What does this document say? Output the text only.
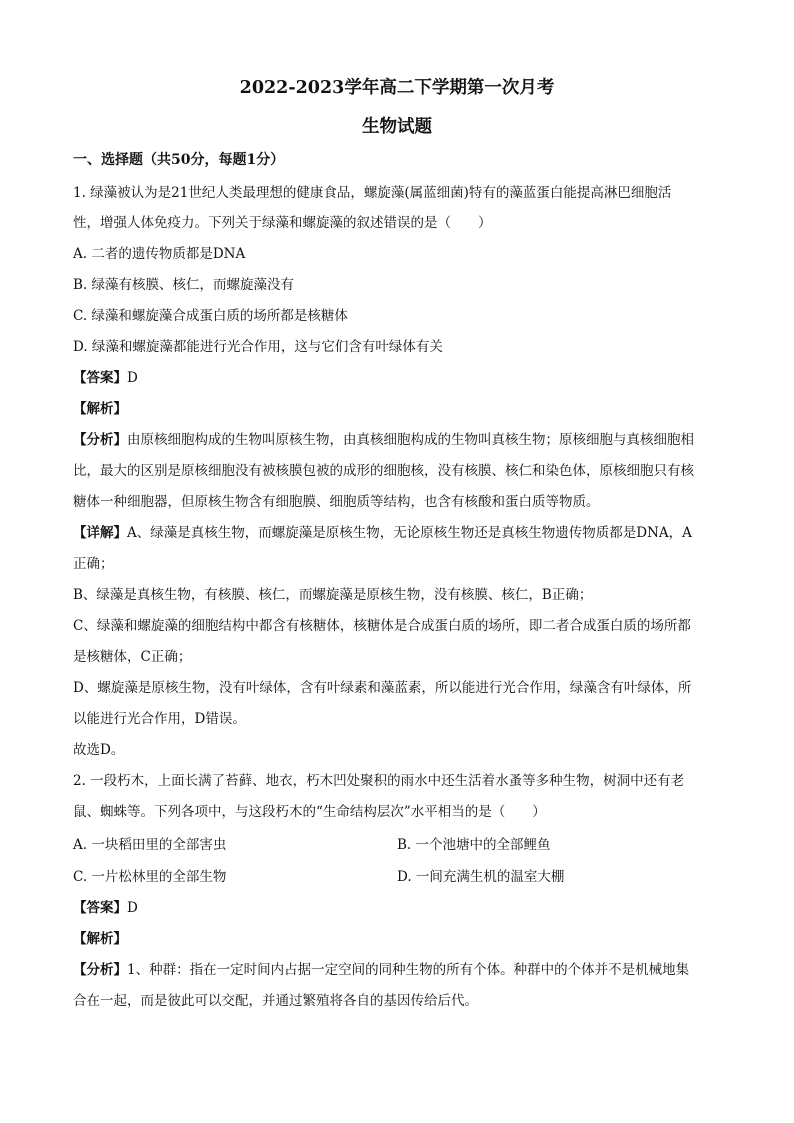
2022-2023学年高二下学期第一次月考
生物试题
一、选择题（共50分，每题1分）
1. 绿藻被认为是21世纪人类最理想的健康食品，螺旋藻(属蓝细菌)特有的藻蓝蛋白能提高淋巴细胞活
性，增强人体免疫力。下列关于绿藻和螺旋藻的叙述错误的是（　　）
A. 二者的遗传物质都是DNA
B. 绿藻有核膜、核仁，而螺旋藻没有
C. 绿藻和螺旋藻合成蛋白质的场所都是核糖体
D. 绿藻和螺旋藻都能进行光合作用，这与它们含有叶绿体有关
【答案】D
【解析】
【分析】由原核细胞构成的生物叫原核生物，由真核细胞构成的生物叫真核生物；原核细胞与真核细胞相
比，最大的区别是原核细胞没有被核膜包被的成形的细胞核，没有核膜、核仁和染色体，原核细胞只有核
糖体一种细胞器，但原核生物含有细胞膜、细胞质等结构，也含有核酸和蛋白质等物质。
【详解】A、绿藻是真核生物，而螺旋藻是原核生物，无论原核生物还是真核生物遗传物质都是DNA，A
正确；
B、绿藻是真核生物，有核膜、核仁，而螺旋藻是原核生物，没有核膜、核仁，B正确；
C、绿藻和螺旋藻的细胞结构中都含有核糖体，核糖体是合成蛋白质的场所，即二者合成蛋白质的场所都
是核糖体，C正确；
D、螺旋藻是原核生物，没有叶绿体，含有叶绿素和藻蓝素，所以能进行光合作用，绿藻含有叶绿体，所
以能进行光合作用，D错误。
故选D。
2. 一段朽木，上面长满了苔藓、地衣，朽木凹处聚积的雨水中还生活着水蚤等多种生物，树洞中还有老
鼠、蜘蛛等。下列各项中，与这段朽木的“生命结构层次”水平相当的是（　　）
A. 一块稻田里的全部害虫	B. 一个池塘中的全部鲤鱼
C. 一片松林里的全部生物	D. 一间充满生机的温室大棚
【答案】D
【解析】
【分析】1、种群：指在一定时间内占据一定空间的同种生物的所有个体。种群中的个体并不是机械地集
合在一起，而是彼此可以交配，并通过繁殖将各自的基因传给后代。
